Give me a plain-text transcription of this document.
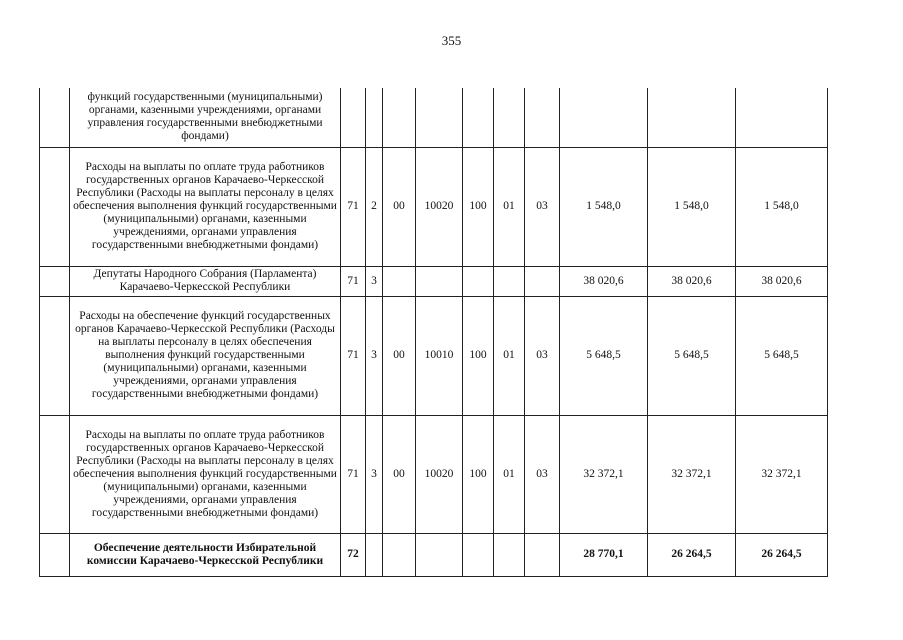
355
	функций государственными (муниципальными) органами, казенными учреждениями, органами управления государственными внебюджетными фондами)										
	Расходы на выплаты по оплате труда работников государственных органов Карачаево-Черкесской Республики (Расходы на выплаты персоналу в целях обеспечения выполнения функций государственными (муниципальными) органами, казенными учреждениями, органами управления государственными внебюджетными фондами)	71	2	00	10020	100	01	03	1 548,0	1 548,0	1 548,0
	Депутаты Народного Собрания (Парламента) Карачаево-Черкесской Республики	71	3						38 020,6	38 020,6	38 020,6
	Расходы на обеспечение функций государственных органов Карачаево-Черкесской Республики (Расходы на выплаты персоналу в целях обеспечения выполнения функций государственными (муниципальными) органами, казенными учреждениями, органами управления государственными внебюджетными фондами)	71	3	00	10010	100	01	03	5 648,5	5 648,5	5 648,5
	Расходы на выплаты по оплате труда работников государственных органов Карачаево-Черкесской Республики (Расходы на выплаты персоналу в целях обеспечения выполнения функций государственными (муниципальными) органами, казенными учреждениями, органами управления государственными внебюджетными фондами)	71	3	00	10020	100	01	03	32 372,1	32 372,1	32 372,1
	Обеспечение деятельности Избирательной комиссии Карачаево-Черкесской Республики	72							28 770,1	26 264,5	26 264,5
